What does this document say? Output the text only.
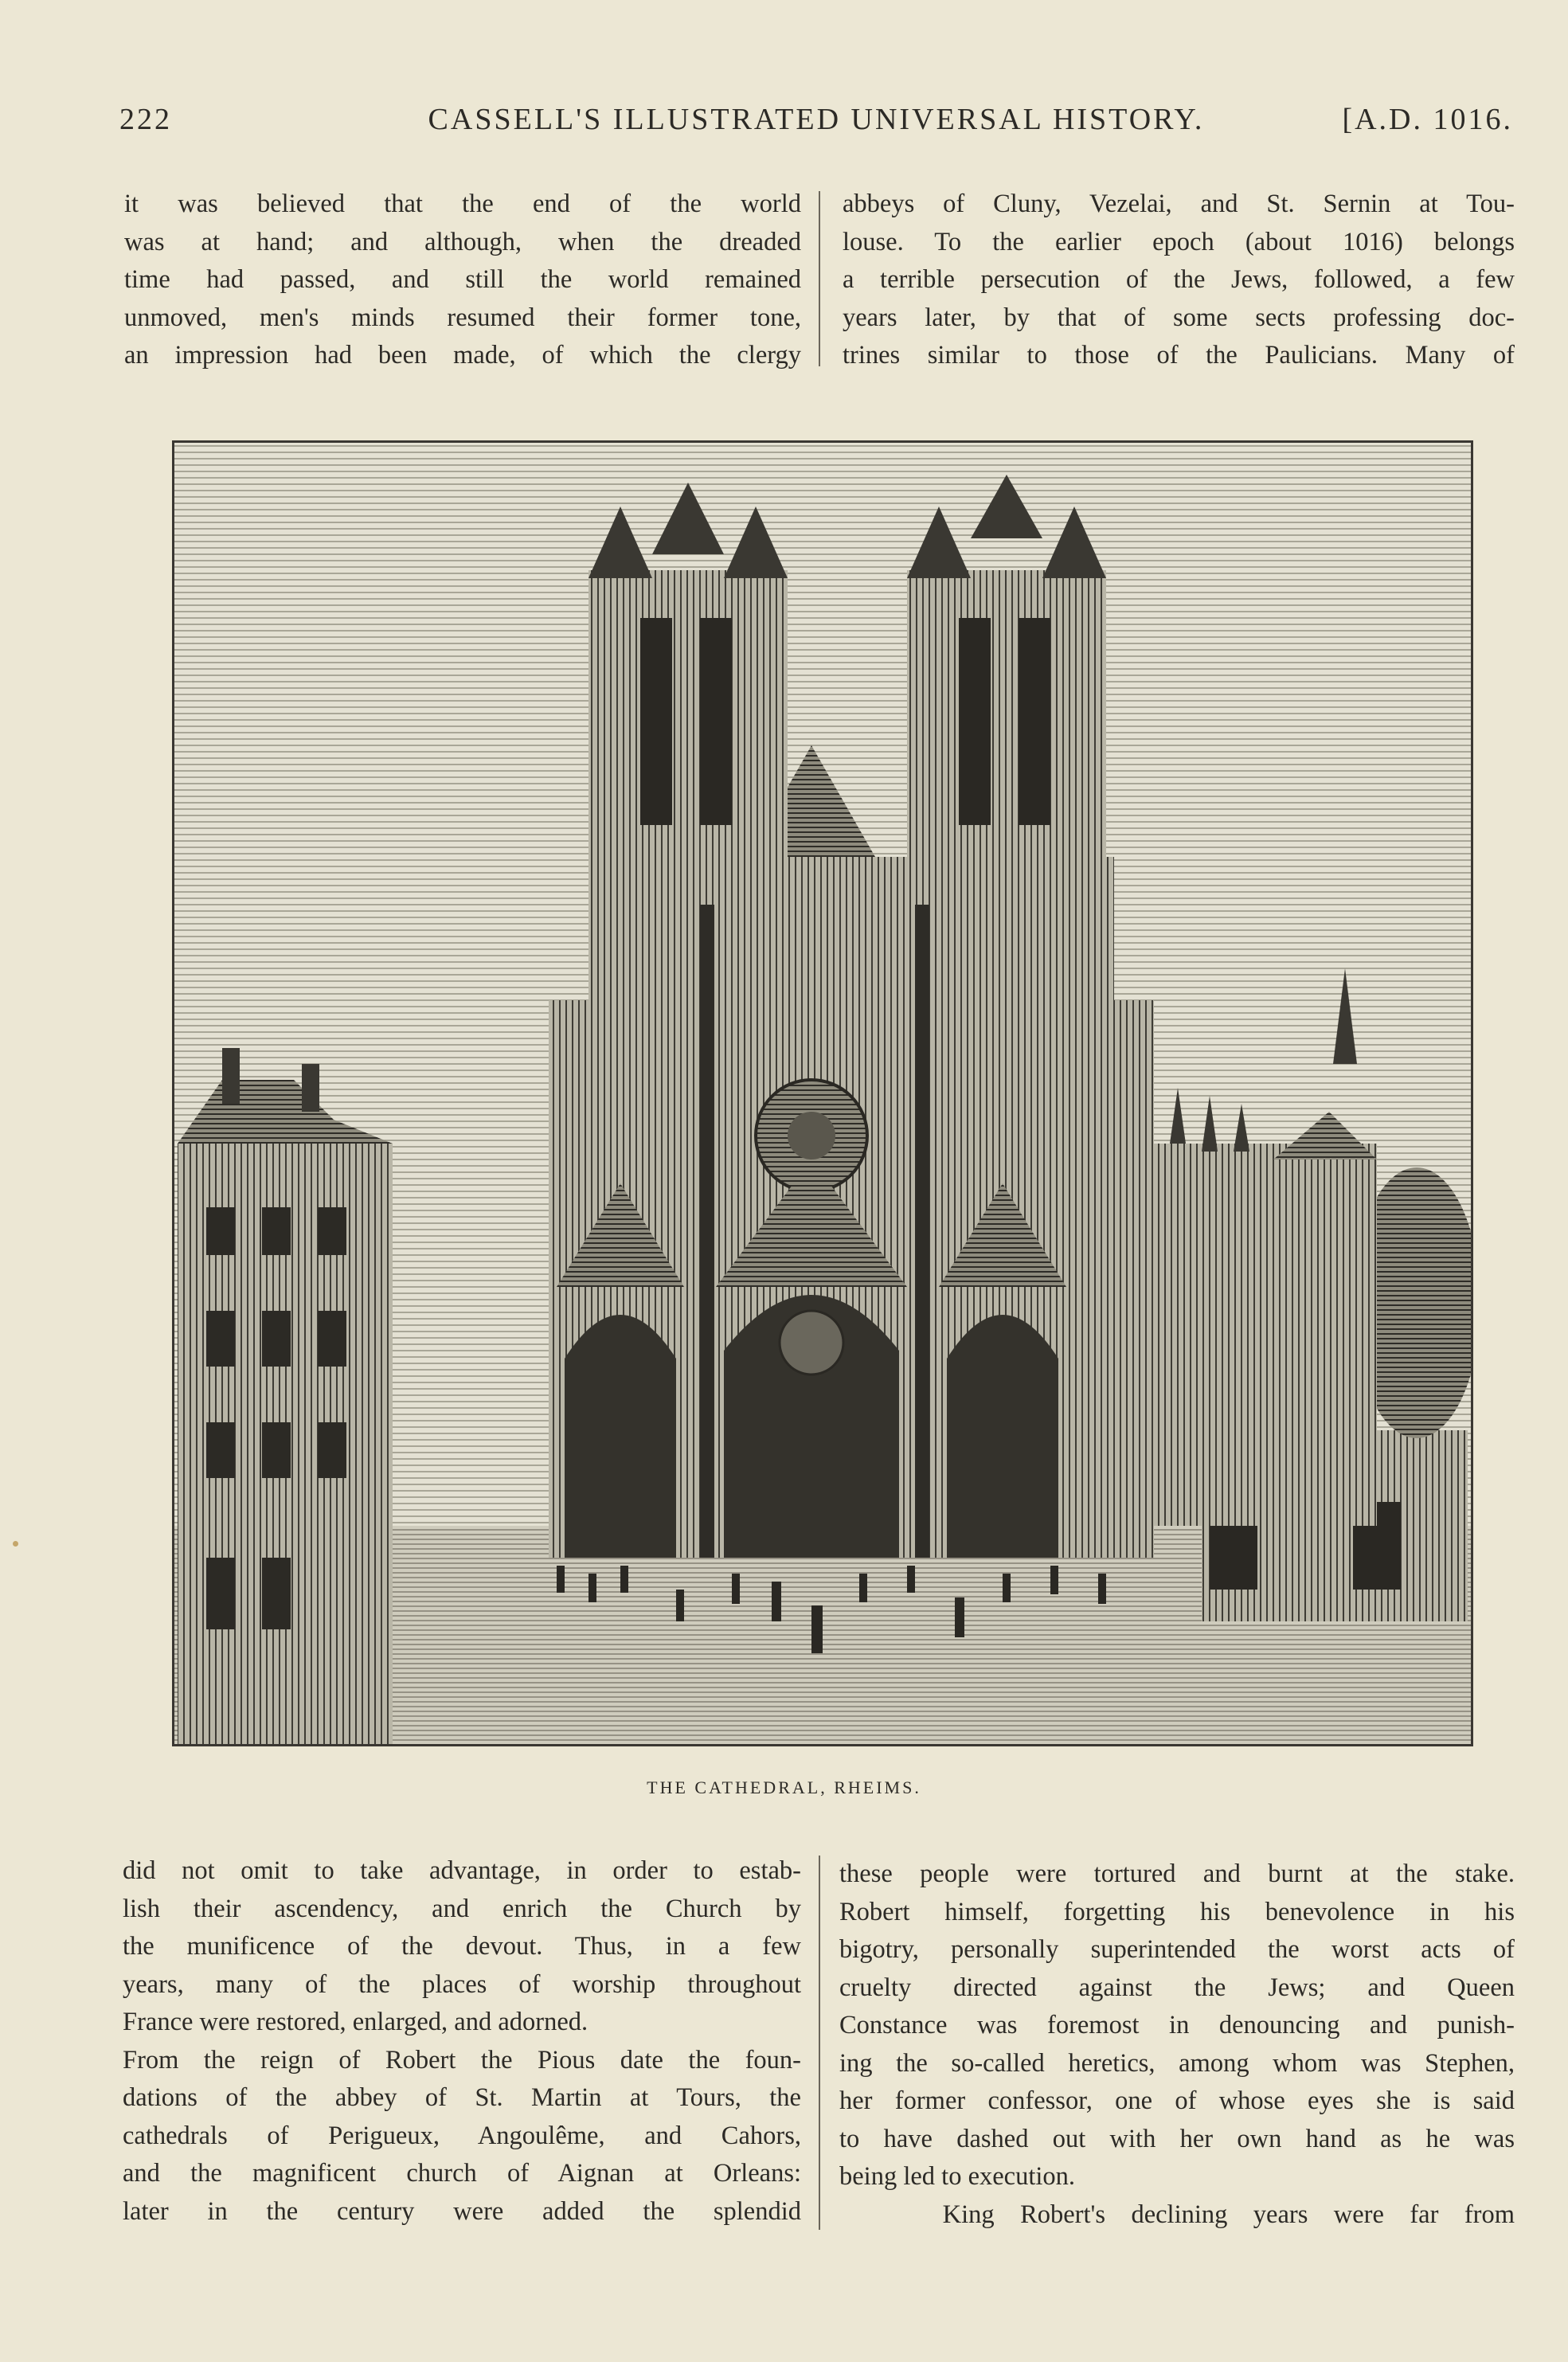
222	CASSELL'S ILLUSTRATED UNIVERSAL HISTORY.	[A.D. 1016.

it was believed that the end of the world

was at hand; and although, when the dreaded

time had passed, and still the world remained

unmoved, men's minds resumed their former tone,

an impression had been made, of which the clergy

abbeys of Cluny, Vezelai, and St. Sernin at Tou-

louse. To the earlier epoch (about 1016) belongs

a terrible persecution of the Jews, followed, a few

years later, by that of some sects professing doc-

trines similar to those of the Paulicians. Many of

THE CATHEDRAL, RHEIMS.

did not omit to take advantage, in order to estab-

lish their ascendency, and enrich the Church by

the munificence of the devout. Thus, in a few

years, many of the places of worship throughout

France were restored, enlarged, and adorned.

From the reign of Robert the Pious date the foun-

dations of the abbey of St. Martin at Tours, the

cathedrals of Perigueux, Angoulême, and Cahors,

and the magnificent church of Aignan at Orleans:

later in the century were added the splendid

these people were tortured and burnt at the stake.

Robert himself, forgetting his benevolence in his

bigotry, personally superintended the worst acts of

cruelty directed against the Jews; and Queen

Constance was foremost in denouncing and punish-

ing the so-called heretics, among whom was Stephen,

her former confessor, one of whose eyes she is said

to have dashed out with her own hand as he was

being led to execution.

King Robert's declining years were far from
